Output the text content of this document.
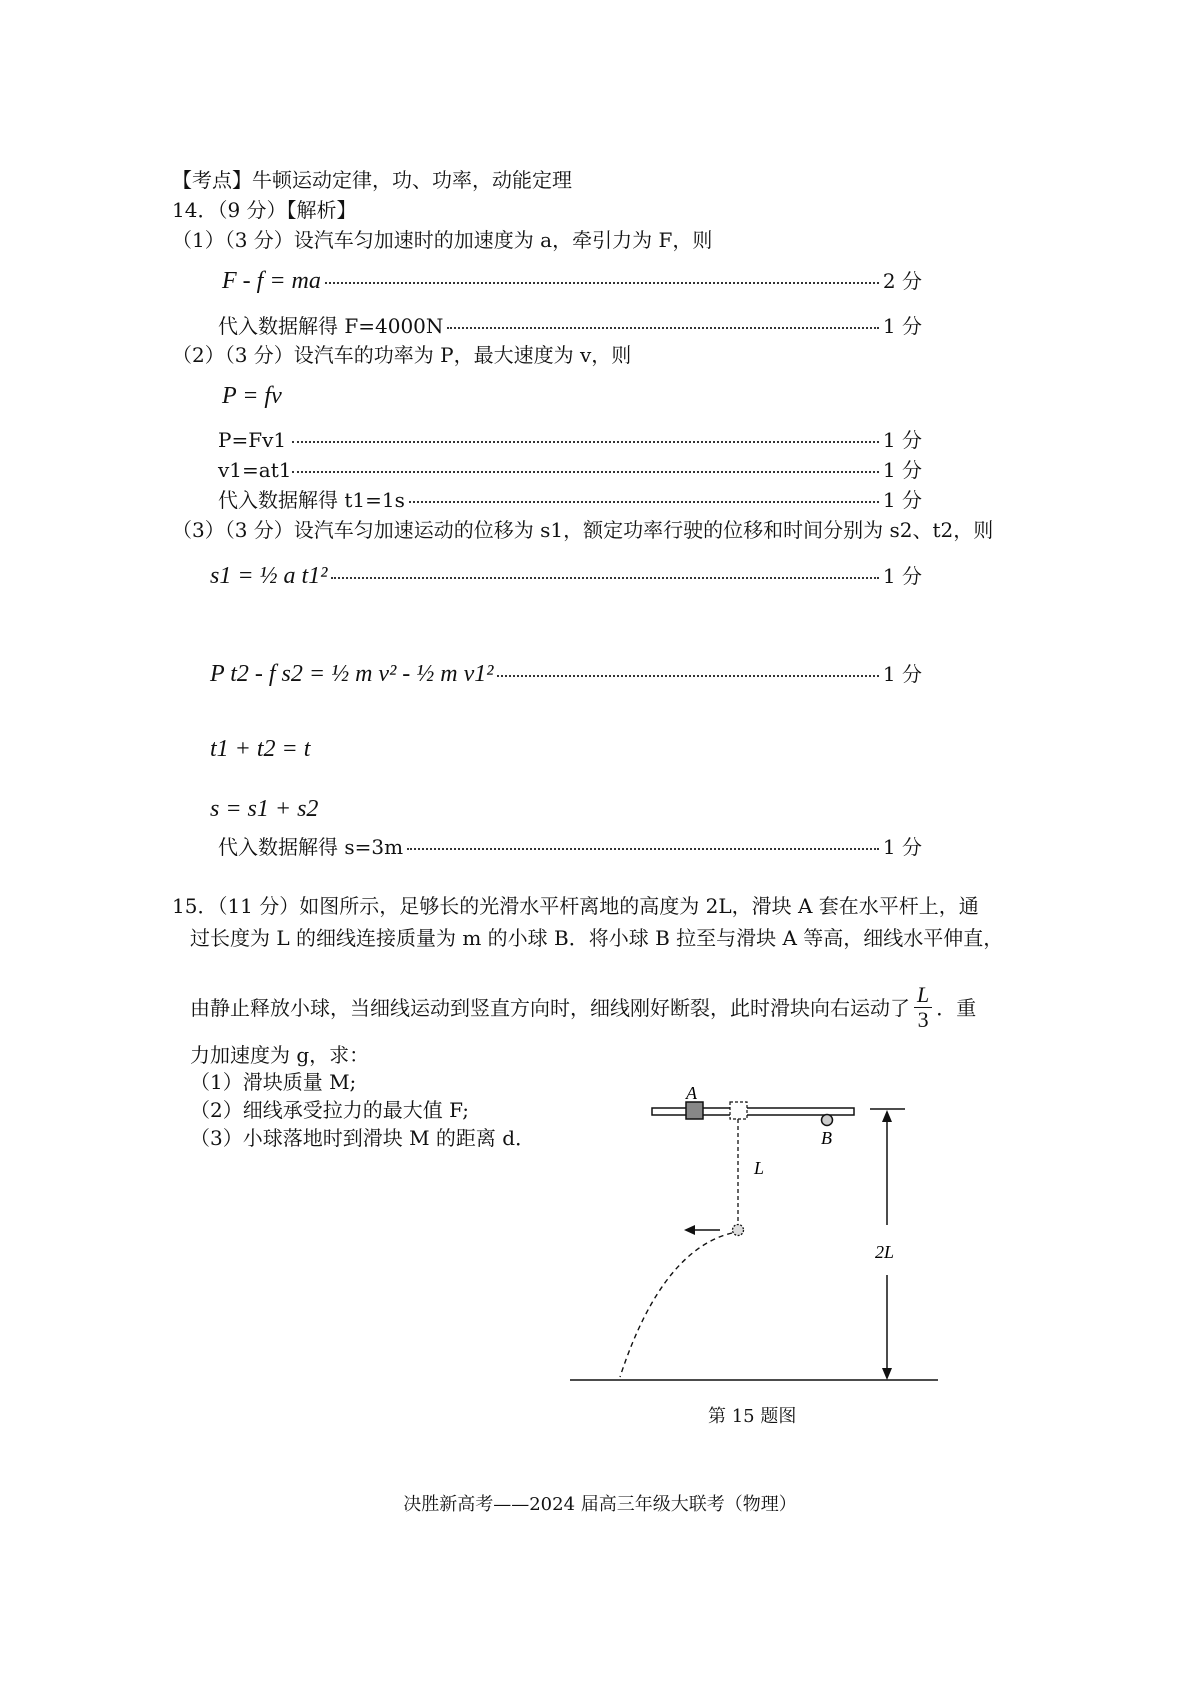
【考点】牛顿运动定律，功、功率，动能定理
14．（9 分）【解析】
（1）（3 分）设汽车匀加速时的加速度为 a，牵引力为 F，则
F - f = ma	2 分
代入数据解得 F=4000N	1 分
（2）（3 分）设汽车的功率为 P，最大速度为 v，则
P = fv
P=Fv1	1 分
v1=at1	1 分
代入数据解得 t1=1s	1 分
（3）（3 分）设汽车匀加速运动的位移为 s1，额定功率行驶的位移和时间分别为 s2、t2，则
s1 = ½ a t1²	1 分
P t2 - f s2 = ½ m v² - ½ m v1²	1 分
t1 + t2 = t
s = s1 + s2
代入数据解得 s=3m	1 分
15．（11 分）如图所示，足够长的光滑水平杆离地的高度为 2L，滑块 A 套在水平杆上，通
过长度为 L 的细线连接质量为 m 的小球 B．将小球 B 拉至与滑块 A 等高，细线水平伸直，
由静止释放小球，当细线运动到竖直方向时，细线刚好断裂，此时滑块向右运动了 $\frac{L}{3}$ ．重
力加速度为 g，求：
（1）滑块质量 M;
（2）细线承受拉力的最大值 F;
（3）小球落地时到滑块 M 的距离 d．
A
B
L
2L
第 15 题图
决胜新高考——2024 届高三年级大联考（物理）
